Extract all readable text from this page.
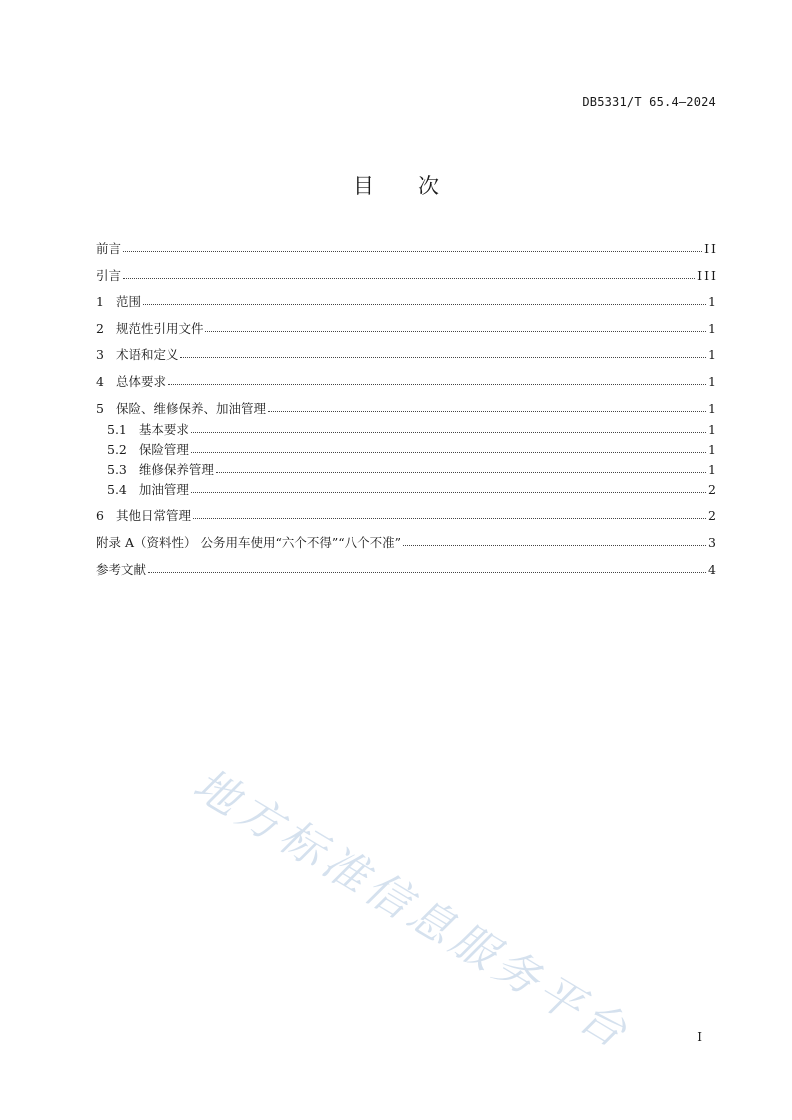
DB5331/T 65.4—2024
目 次
前言	II
引言	III
1 范围	1
2 规范性引用文件	1
3 术语和定义	1
4 总体要求	1
5 保险、维修保养、加油管理	1
5.1 基本要求	1
5.2 保险管理	1
5.3 维修保养管理	1
5.4 加油管理	2
6 其他日常管理	2
附录 A（资料性） 公务用车使用“六个不得”“八个不准”	3
参考文献	4
地方标准信息服务平台	I
